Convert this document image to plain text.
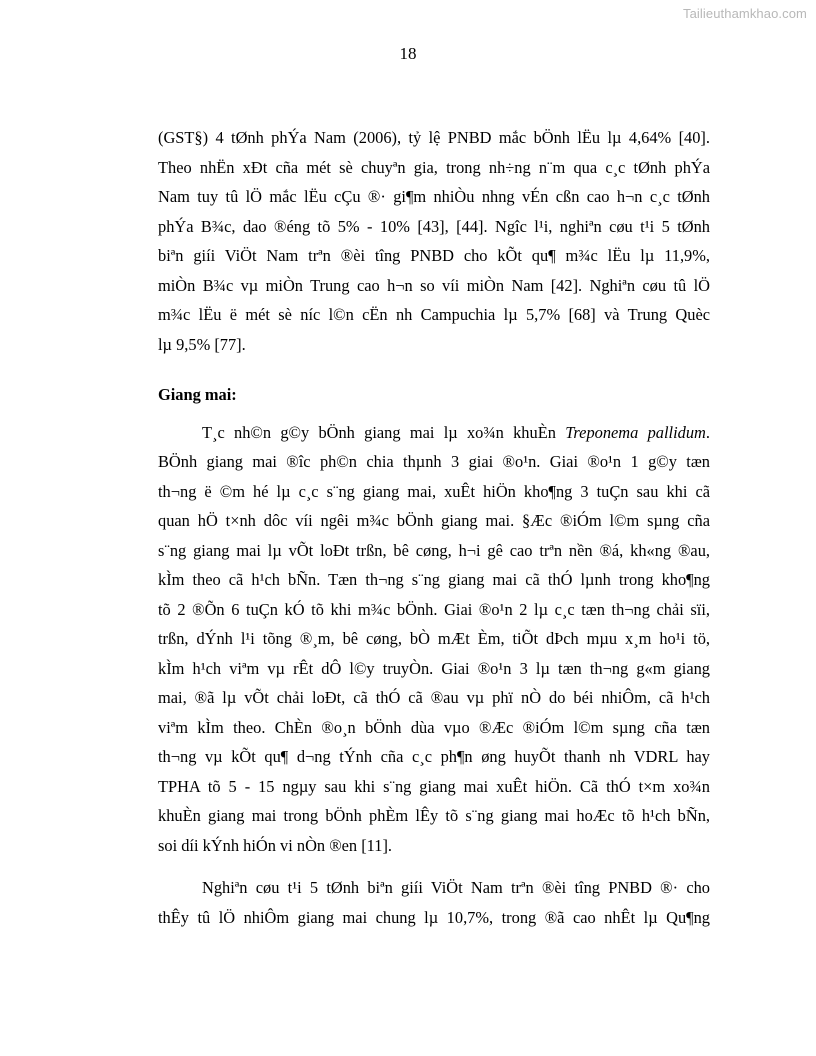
Tailieuthamkhao.com
18
(GST§) 4 tØnh phÝa Nam (2006), tỷ lệ PNBD mắc bÖnh lËu lµ 4,64% [40].
Theo nhËn xÐt cña mét sè chuyªn gia, trong nh÷ng n¨m qua c¸c tØnh phÝa
Nam tuy tû lÖ mắc lËu cÇu ®· gi¶m nhiÒu nhng vÉn cßn cao h¬n c¸c tØnh
phÝa B¾c, dao ®éng tõ 5% - 10% [43], [44]. Ngîc l¹i, nghiªn cøu t¹i 5 tØnh
biªn giíi ViÖt Nam trªn ®èi tîng PNBD cho kÕt qu¶ m¾c lËu lµ 11,9%,
miÒn B¾c vµ miÒn Trung cao h¬n so víi miÒn Nam [42]. Nghiªn cøu tû lÖ
m¾c lËu ë mét sè níc l©n cËn nh Campuchia lµ 5,7% [68] và Trung Quèc
lµ 9,5% [77].
Giang mai:
T¸c nh©n g©y bÖnh giang mai lµ xo¾n khuÈn Treponema pallidum.
BÖnh giang mai ®îc ph©n chia thµnh 3 giai ®o¹n. Giai ®o¹n 1 g©y tæn
th¬ng ë ©m hé lµ c¸c s¨ng giang mai, xuÊt hiÖn kho¶ng 3 tuÇn sau khi cã
quan hÖ t×nh dôc víi ngêi m¾c bÖnh giang mai. §Æc ®iÓm l©m sµng cña
s¨ng giang mai lµ vÕt loÐt trßn, bê cøng, h¬i gê cao trªn nền ®á, kh«ng ®au,
kÌm theo cã h¹ch bÑn. Tæn th¬ng s¨ng giang mai cã thÓ lµnh trong kho¶ng
tõ 2 ®Õn 6 tuÇn kÓ tõ khi m¾c bÖnh. Giai ®o¹n 2 lµ c¸c tæn th¬ng chải sïi,
trßn, dÝnh l¹i tõng ®¸m, bê cøng, bÒ mÆt Èm, tiÕt dÞch mµu x¸m ho¹i tö,
kÌm h¹ch viªm vµ rÊt dÔ l©y truyÒn. Giai ®o¹n 3 lµ tæn th¬ng g«m giang
mai, ®ã lµ vÕt chải loÐt, cã thÓ cã ®au vµ phï nÒ do béi nhiÔm, cã h¹ch
viªm kÌm theo. ChÈn ®o¸n bÖnh dùa vµo ®Æc ®iÓm l©m sµng cña tæn
th¬ng vµ kÕt qu¶ d¬ng tÝnh cña c¸c ph¶n øng huyÕt thanh nh VDRL hay
TPHA tõ 5 - 15 ngµy sau khi s¨ng giang mai xuÊt hiÖn. Cã thÓ t×m xo¾n
khuÈn giang mai trong bÖnh phÈm lÊy tõ s¨ng giang mai hoÆc tõ h¹ch bÑn,
soi díi kÝnh hiÓn vi nÒn ®en [11].
Nghiªn cøu t¹i 5 tØnh biªn giíi ViÖt Nam trªn ®èi tîng PNBD ®· cho
thÊy tû lÖ nhiÔm giang mai chung lµ 10,7%, trong ®ã cao nhÊt lµ Qu¶ng
